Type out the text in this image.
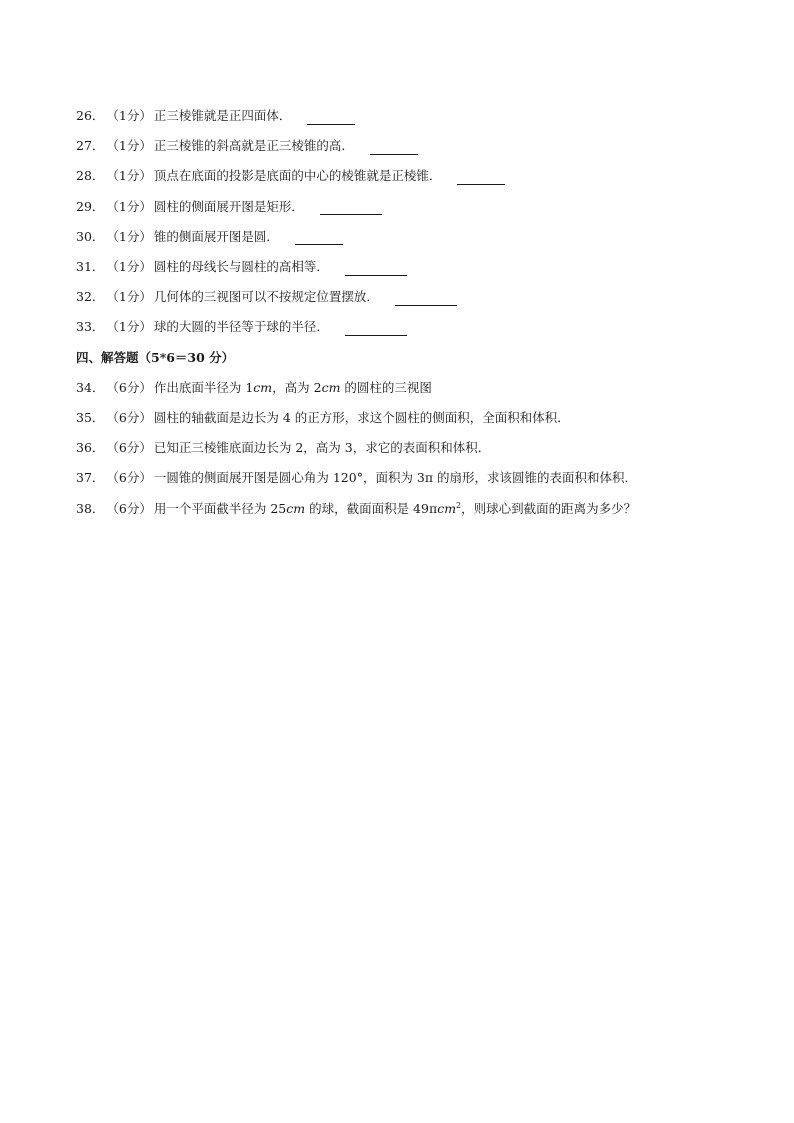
26． （1分） 正三棱锥就是正四面体．
27． （1分） 正三棱锥的斜高就是正三棱锥的高．
28． （1分） 顶点在底面的投影是底面的中心的棱锥就是正棱锥．
29． （1分） 圆柱的侧面展开图是矩形．
30． （1分） 锥的侧面展开图是圆．
31． （1分） 圆柱的母线长与圆柱的高相等．
32． （1分） 几何体的三视图可以不按规定位置摆放．
33． （1分） 球的大圆的半径等于球的半径．
四、解答题（5*6＝30 分）
34． （6分） 作出底面半径为 1cm，高为 2cm 的圆柱的三视图
35． （6分） 圆柱的轴截面是边长为 4 的正方形，求这个圆柱的侧面积，全面积和体积．
36． （6分） 已知正三棱锥底面边长为 2，高为 3，求它的表面积和体积．
37． （6分） 一圆锥的侧面展开图是圆心角为 120°，面积为 3π 的扇形，求该圆锥的表面积和体积．
38． （6分） 用一个平面截半径为 25cm 的球，截面面积是 49πcm$^2$，则球心到截面的距离为多少？
